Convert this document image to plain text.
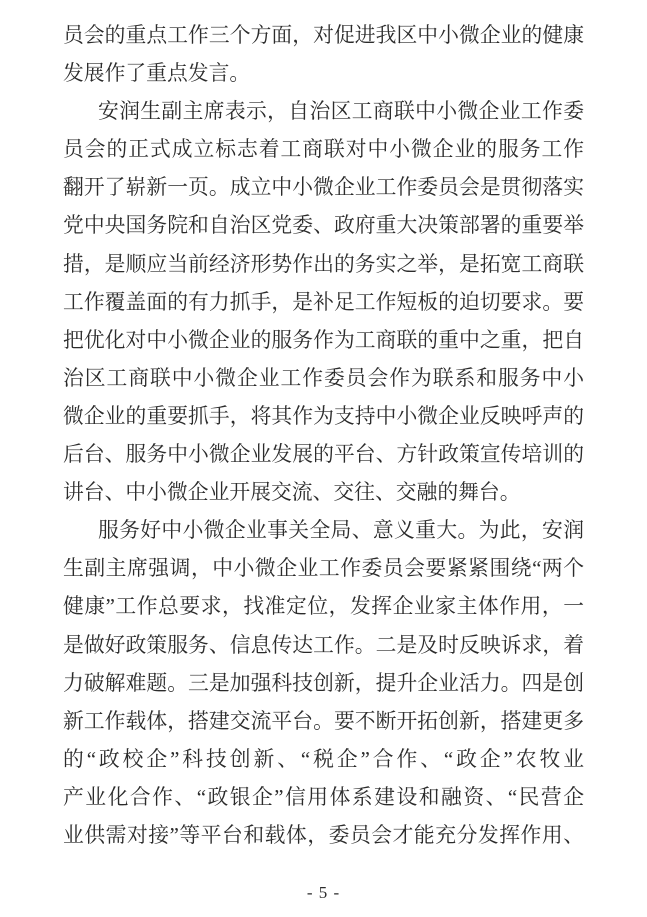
员会的重点工作三个方面，对促进我区中小微企业的健康
发展作了重点发言。
安润生副主席表示，自治区工商联中小微企业工作委
员会的正式成立标志着工商联对中小微企业的服务工作
翻开了崭新一页。成立中小微企业工作委员会是贯彻落实
党中央国务院和自治区党委、政府重大决策部署的重要举
措，是顺应当前经济形势作出的务实之举，是拓宽工商联
工作覆盖面的有力抓手，是补足工作短板的迫切要求。要
把优化对中小微企业的服务作为工商联的重中之重，把自
治区工商联中小微企业工作委员会作为联系和服务中小
微企业的重要抓手，将其作为支持中小微企业反映呼声的
后台、服务中小微企业发展的平台、方针政策宣传培训的
讲台、中小微企业开展交流、交往、交融的舞台。
服务好中小微企业事关全局、意义重大。为此，安润
生副主席强调，中小微企业工作委员会要紧紧围绕“两个
健康”工作总要求，找准定位，发挥企业家主体作用，一
是做好政策服务、信息传达工作。二是及时反映诉求，着
力破解难题。三是加强科技创新，提升企业活力。四是创
新工作载体，搭建交流平台。要不断开拓创新，搭建更多
的“政校企”科技创新、“税企”合作、“政企”农牧业
产业化合作、“政银企”信用体系建设和融资、“民营企
业供需对接”等平台和载体，委员会才能充分发挥作用、
- 5 -
